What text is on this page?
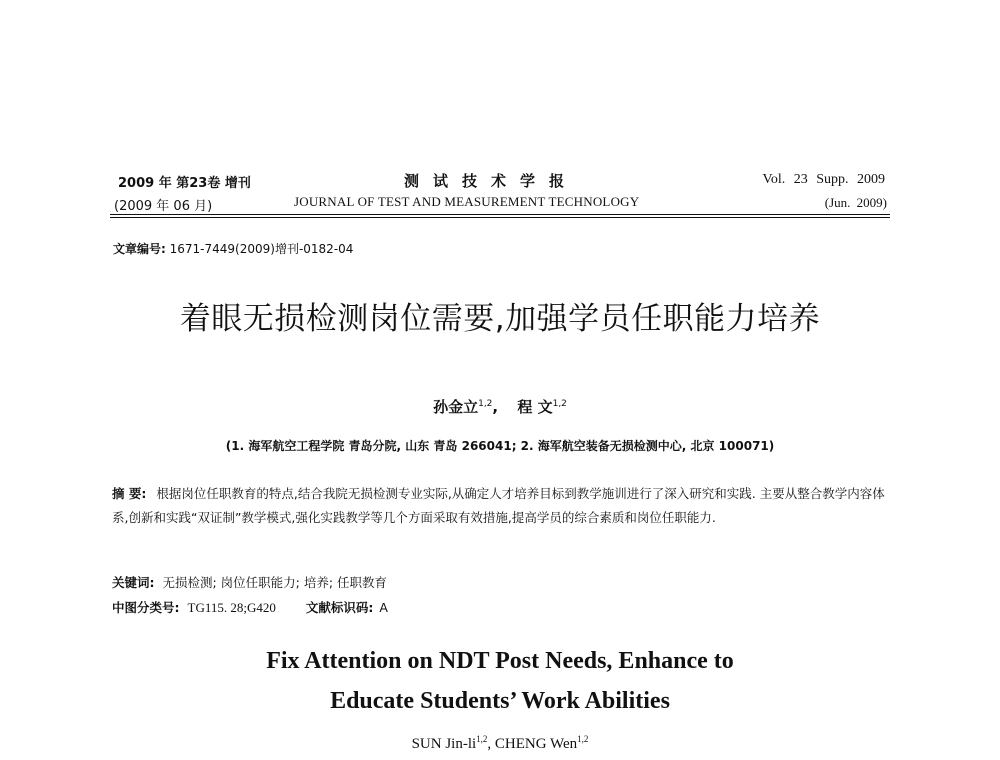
2009 年 第23卷 增刊
(2009 年 06 月)
测试技术学报
JOURNAL OF TEST AND MEASUREMENT TECHNOLOGY
Vol. 23 Supp. 2009
(Jun. 2009)
文章编号: 1671-7449(2009)增刊-0182-04
着眼无损检测岗位需要,加强学员任职能力培养
孙金立$^{1,2}$, 程 文$^{1,2}$
(1. 海军航空工程学院 青岛分院, 山东 青岛 266041; 2. 海军航空装备无损检测中心, 北京 100071)
摘 要: 根据岗位任职教育的特点,结合我院无损检测专业实际,从确定人才培养目标到教学施训进行了深入研究和实践. 主要从整合教学内容体系,创新和实践“双证制”教学模式,强化实践教学等几个方面采取有效措施,提高学员的综合素质和岗位任职能力.
关键词: 无损检测; 岗位任职能力; 培养; 任职教育
中图分类号: TG115. 28;G420 文献标识码: A
Fix Attention on NDT Post Needs, Enhance to
Educate Students’ Work Abilities
SUN Jin-li$^{1,2}$, CHENG Wen$^{1,2}$
